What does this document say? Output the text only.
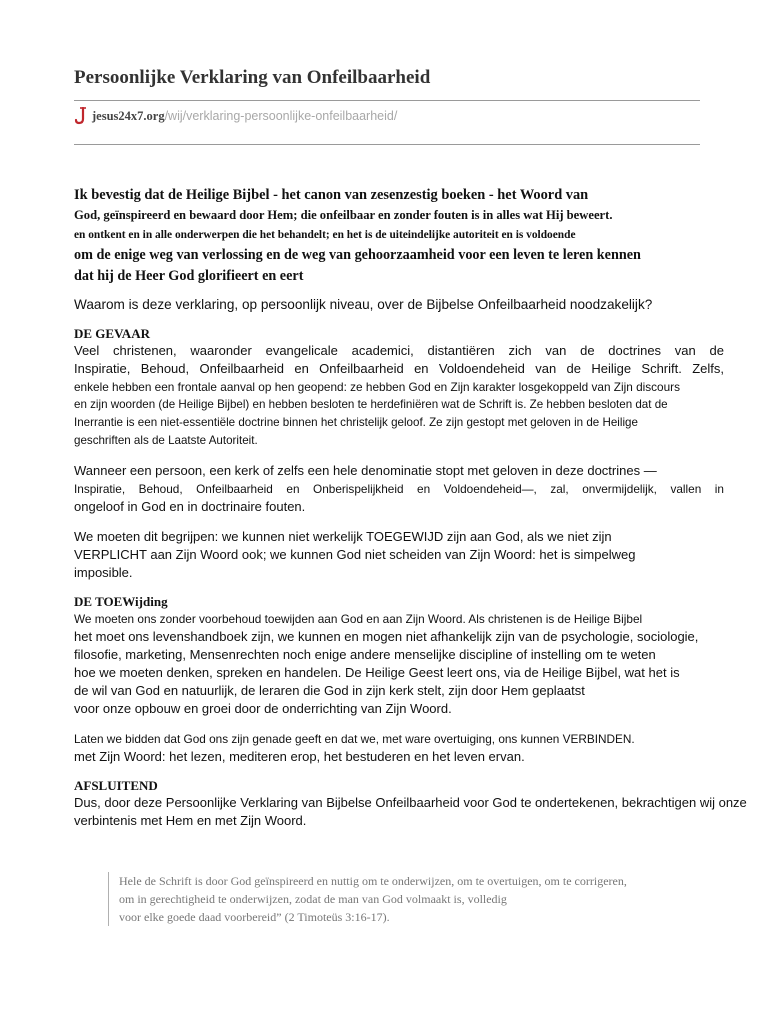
Persoonlijke Verklaring van Onfeilbaarheid
jesus24x7.org /wij/verklaring-persoonlijke-onfeilbaarheid/
Ik bevestig dat de Heilige Bijbel - het canon van zesenzestig boeken - het Woord van
God, geïnspireerd en bewaard door Hem; die onfeilbaar en zonder fouten is in alles wat Hij beweert.
en ontkent en in alle onderwerpen die het behandelt; en het is de uiteindelijke autoriteit en is voldoende
om de enige weg van verlossing en de weg van gehoorzaamheid voor een leven te leren kennen
dat hij de Heer God glorifieert en eert
Waarom is deze verklaring, op persoonlijk niveau, over de Bijbelse Onfeilbaarheid noodzakelijk?
DE GEVAAR
Veel christenen, waaronder evangelicale academici, distantiëren zich van de doctrines van de
Inspiratie, Behoud, Onfeilbaarheid en Onfeilbaarheid en Voldoendeheid van de Heilige Schrift. Zelfs,
enkele hebben een frontale aanval op hen geopend: ze hebben God en Zijn karakter losgekoppeld van Zijn discours
en zijn woorden (de Heilige Bijbel) en hebben besloten te herdefiniëren wat de Schrift is. Ze hebben besloten dat de
Inerrantie is een niet-essentiële doctrine binnen het christelijk geloof. Ze zijn gestopt met geloven in de Heilige
geschriften als de Laatste Autoriteit.
Wanneer een persoon, een kerk of zelfs een hele denominatie stopt met geloven in deze doctrines —
Inspiratie, Behoud, Onfeilbaarheid en Onberispelijkheid en Voldoendeheid—, zal, onvermijdelijk, vallen in
ongeloof in God en in doctrinaire fouten.
We moeten dit begrijpen: we kunnen niet werkelijk TOEGEWIJD zijn aan God, als we niet zijn
VERPLICHT aan Zijn Woord ook; we kunnen God niet scheiden van Zijn Woord: het is simpelweg
imposible.
DE TOEWijding
We moeten ons zonder voorbehoud toewijden aan God en aan Zijn Woord. Als christenen is de Heilige Bijbel
het moet ons levenshandboek zijn, we kunnen en mogen niet afhankelijk zijn van de psychologie, sociologie,
filosofie, marketing, Mensenrechten noch enige andere menselijke discipline of instelling om te weten
hoe we moeten denken, spreken en handelen. De Heilige Geest leert ons, via de Heilige Bijbel, wat het is
de wil van God en natuurlijk, de leraren die God in zijn kerk stelt, zijn door Hem geplaatst
voor onze opbouw en groei door de onderrichting van Zijn Woord.
Laten we bidden dat God ons zijn genade geeft en dat we, met ware overtuiging, ons kunnen VERBINDEN.
met Zijn Woord: het lezen, mediteren erop, het bestuderen en het leven ervan.
AFSLUITEND
Dus, door deze Persoonlijke Verklaring van Bijbelse Onfeilbaarheid voor God te ondertekenen, bekrachtigen wij onze
verbintenis met Hem en met Zijn Woord.
Hele de Schrift is door God geïnspireerd en nuttig om te onderwijzen, om te overtuigen, om te corrigeren,
om in gerechtigheid te onderwijzen, zodat de man van God volmaakt is, volledig
voor elke goede daad voorbereid” (2 Timoteüs 3:16-17).
